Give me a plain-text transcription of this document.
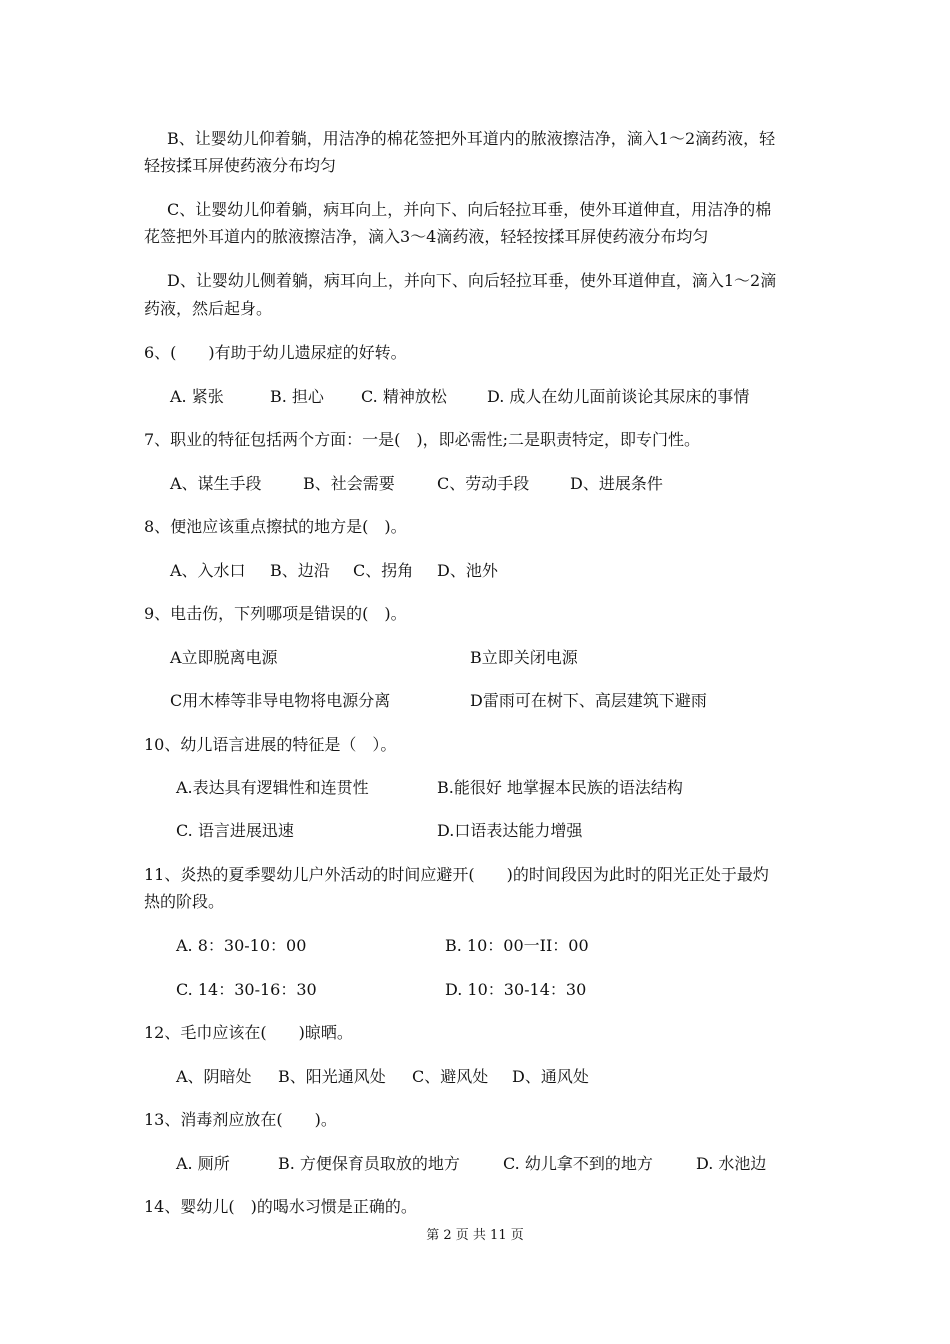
B、让婴幼儿仰着躺，用洁净的棉花签把外耳道内的脓液擦洁净，滴入1～2滴药液，轻
轻按揉耳屏使药液分布均匀
C、让婴幼儿仰着躺，病耳向上，并向下、向后轻拉耳垂，使外耳道伸直，用洁净的棉
花签把外耳道内的脓液擦洁净，滴入3～4滴药液，轻轻按揉耳屏使药液分布均匀
D、让婴幼儿侧着躺，病耳向上，并向下、向后轻拉耳垂，使外耳道伸直，滴入1～2滴
药液，然后起身。
6、(　　)有助于幼儿遗尿症的好转。
A. 紧张	B. 担心 C. 精神放松	D. 成人在幼儿面前谈论其尿床的事情
7、职业的特征包括两个方面：一是(　)，即必需性;二是职责特定，即专门性。
A、谋生手段	B、社会需要	C、劳动手段	D、进展条件
8、便池应该重点擦拭的地方是(　)。
A、入水口 B、边沿 C、拐角 D、池外
9、电击伤，下列哪项是错误的(　)。
A立即脱离电源	B立即关闭电源
C用木棒等非导电物将电源分离	D雷雨可在树下、高层建筑下避雨
10、幼儿语言进展的特征是（　）。
A.表达具有逻辑性和连贯性	B.能很好 地掌握本民族的语法结构
C. 语言进展迅速	D.口语表达能力增强
11、炎热的夏季婴幼儿户外活动的时间应避开(　　)的时间段因为此时的阳光正处于最灼
热的阶段。
A. 8：30-10：00	B. 10：00一II：00
C. 14：30-16：30	D. 10：30-14：30
12、毛巾应该在(　　)晾晒。
A、阴暗处 B、阳光通风处 C、避风处 D、通风处
13、消毒剂应放在(　　)。
A. 厕所	B. 方便保育员取放的地方	C. 幼儿拿不到的地方	D. 水池边
14、婴幼儿(　)的喝水习惯是正确的。
第 2 页 共 11 页
